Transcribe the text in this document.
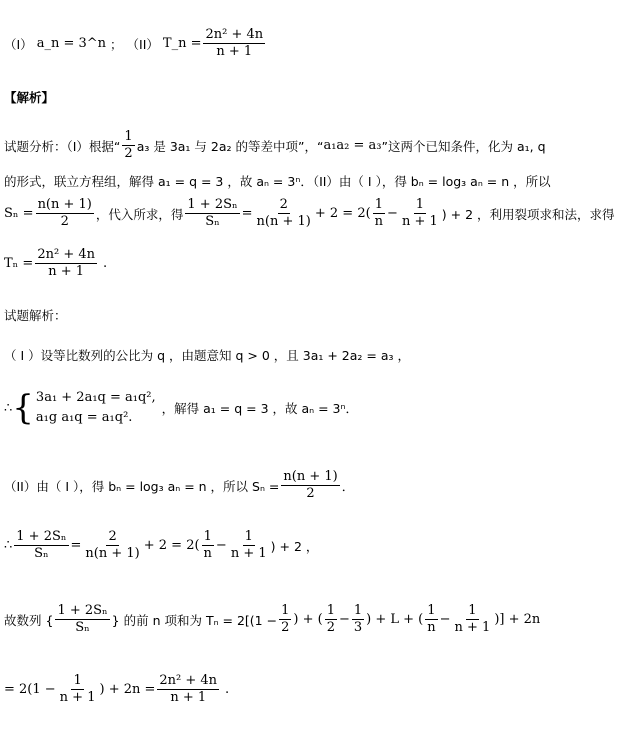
（I） a_n = 3^n ； （II） T_n = $\frac{\text{2n² + 4n}}{n + 1}$
【解析】
试题分析：（I）根据“ $\frac{1}{2} a_3$ 是 3a₁ 与 2a₂ 的等差中项”，“ a₁a₂ = a₃ ”这两个已知条件，化为 a₁, q
的形式，联立方程组，解得 a₁ = q = 3 ，故 aₙ = 3ⁿ．（II）由（ I ），得 bₙ = log₃ aₙ = n ，所以
$S_n = \frac{n(n + 1)}{2}$ ，代入所求，得 $\frac{\text{1 + 2Sₙ}}{\text{Sₙ}} = \frac{2}{n(n + 1)} + 2 = 2( \frac{1}{n} - \frac{1}{n + 1}$ ) + 2 ，利用裂项求和法，求得
$T_n = \frac{\text{2n² + 4n}}{n + 1}$ .
试题解析：
（ I ）设等比数列的公比为 q ，由题意知 q > 0 ，且 3a₁ + 2a₂ = a₃ ，
∴ { 3a₁ + 2a₁q = a₁q²,
a₁g a₁q = a₁q².
，解得 a₁ = q = 3 ，故 aₙ = 3ⁿ．
（II）由（ I ），得 bₙ = log₃ aₙ = n ，所以 $S_n = \frac{n(n + 1)}{2}$ ．
∴ $\frac{\text{1 + 2Sₙ}}{\text{Sₙ}} = \frac{2}{n(n + 1)} + 2 = 2( \frac{1}{n} - \frac{1}{n + 1}$ ) + 2 ，
故数列 { $\frac{\text{1 + 2Sₙ}}{\text{Sₙ}}$ } 的前 n 项和为 $T_n = 2[(1 - \frac{1}{2}$ ) + ( $\frac{1}{2} - \frac{1}{3}$ ) + L + ( $\frac{1}{n} - \frac{1}{n + 1}$ )] + 2n
= $2(1 - \frac{1}{n + 1}$ ) + $2n = \frac{\text{2n² + 4n}}{n + 1}$ .
